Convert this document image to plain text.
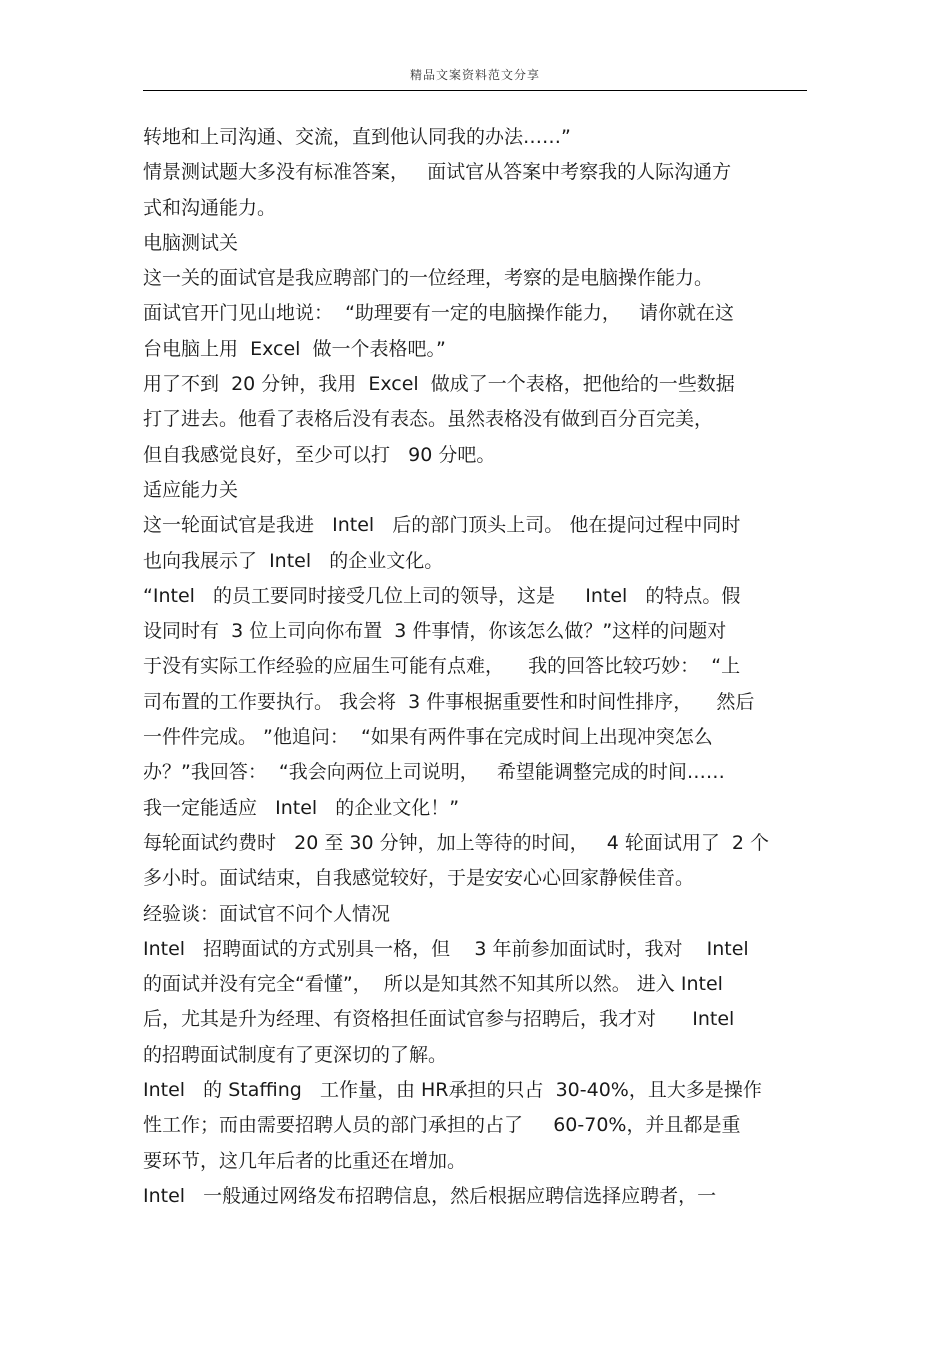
精品文案资料范文分享
转地和上司沟通、交流，直到他认同我的办法……”
情景测试题大多没有标准答案，   面试官从答案中考察我的人际沟通方
式和沟通能力。
电脑测试关
这一关的面试官是我应聘部门的一位经理，考察的是电脑操作能力。
面试官开门见山地说：  “助理要有一定的电脑操作能力，   请你就在这
台电脑上用  Excel  做一个表格吧。”
用了不到  20 分钟，我用  Excel  做成了一个表格，把他给的一些数据
打了进去。他看了表格后没有表态。虽然表格没有做到百分百完美，
但自我感觉良好，至少可以打   90 分吧。
适应能力关
这一轮面试官是我进   Intel   后的部门顶头上司。 他在提问过程中同时
也向我展示了  Intel   的企业文化。
“Intel   的员工要同时接受几位上司的领导，这是     Intel   的特点。假
设同时有  3 位上司向你布置  3 件事情，你该怎么做？”这样的问题对
于没有实际工作经验的应届生可能有点难，    我的回答比较巧妙：  “上
司布置的工作要执行。 我会将  3 件事根据重要性和时间性排序，    然后
一件件完成。 ”他追问：  “如果有两件事在完成时间上出现冲突怎么
办？”我回答：  “我会向两位上司说明，   希望能调整完成的时间……
我一定能适应   Intel   的企业文化！”
每轮面试约费时   20 至 30 分钟，加上等待的时间，   4 轮面试用了  2 个
多小时。面试结束，自我感觉较好，于是安安心心回家静候佳音。
经验谈：面试官不问个人情况
Intel   招聘面试的方式别具一格，但    3 年前参加面试时，我对    Intel
的面试并没有完全“看懂”，  所以是知其然不知其所以然。 进入 Intel
后，尤其是升为经理、有资格担任面试官参与招聘后，我才对      Intel
的招聘面试制度有了更深切的了解。
Intel   的 Staffing   工作量，由 HR承担的只占  30-40%，且大多是操作
性工作；而由需要招聘人员的部门承担的占了     60-70%，并且都是重
要环节，这几年后者的比重还在增加。
Intel   一般通过网络发布招聘信息，然后根据应聘信选择应聘者，一
